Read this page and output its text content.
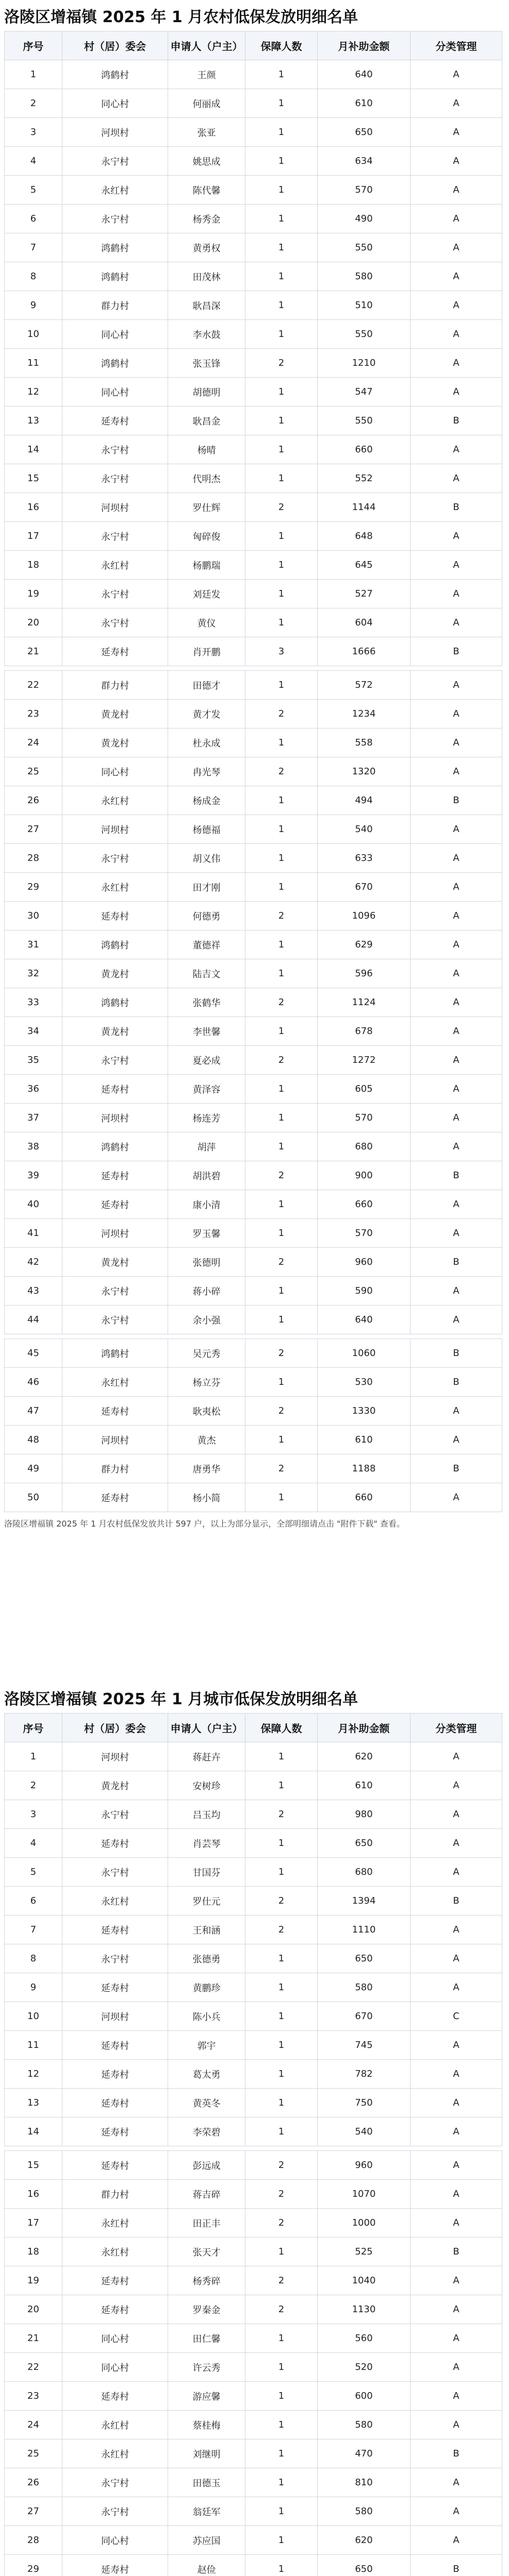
洛陵区增福镇 2025 年 1 月农村低保发放明细名单
序号	村（居）委会	申请人（户主）	保障人数	月补助金额	分类管理
1	鸿鹤村	王颜	1	640	A
2	同心村	何丽成	1	610	A
3	河坝村	张亚	1	650	A
4	永宁村	姚思成	1	634	A
5	永红村	陈代馨	1	570	A
6	永宁村	杨秀金	1	490	A
7	鸿鹤村	黄勇权	1	550	A
8	鸿鹤村	田茂林	1	580	A
9	群力村	耿昌深	1	510	A
10	同心村	李水鼓	1	550	A
11	鸿鹤村	张玉锋	2	1210	A
12	同心村	胡德明	1	547	A
13	延寿村	耿昌金	1	550	B
14	永宁村	杨晴	1	660	A
15	永宁村	代明杰	1	552	A
16	河坝村	罗仕辉	2	1144	B
17	永宁村	匈碎俊	1	648	A
18	永红村	杨鹏瑞	1	645	A
19	永宁村	刘廷发	1	527	A
20	永宁村	黄仪	1	604	A
21	延寿村	肖开鹏	3	1666	B

22	群力村	田德才	1	572	A
23	黄龙村	黄才发	2	1234	A
24	黄龙村	杜永成	1	558	A
25	同心村	冉光琴	2	1320	A
26	永红村	杨成金	1	494	B
27	河坝村	杨德福	1	540	A
28	永宁村	胡义伟	1	633	A
29	永红村	田才刚	1	670	A
30	延寿村	何德勇	2	1096	A
31	鸿鹤村	董德祥	1	629	A
32	黄龙村	陆吉文	1	596	A
33	鸿鹤村	张鹤华	2	1124	A
34	黄龙村	李世馨	1	678	A
35	永宁村	夏必成	2	1272	A
36	延寿村	黄泽容	1	605	A
37	河坝村	杨连芳	1	570	A
38	鸿鹤村	胡萍	1	680	A
39	延寿村	胡洪碧	2	900	B
40	延寿村	康小清	1	660	A
41	河坝村	罗玉馨	1	570	A
42	黄龙村	张德明	2	960	B
43	永宁村	蒋小碎	1	590	A
44	永宁村	余小强	1	640	A

45	鸿鹤村	吴元秀	2	1060	B
46	永红村	杨立芬	1	530	B
47	延寿村	耿夷松	2	1330	A
48	河坝村	黄杰	1	610	A
49	群力村	唐勇华	2	1188	B
50	延寿村	杨小简	1	660	A
洛陵区增福镇 2025 年 1 月农村低保发放共计 597 户，以上为部分显示，全部明细请点击 "附件下载" 查看。
洛陵区增福镇 2025 年 1 月城市低保发放明细名单
序号	村（居）委会	申请人（户主）	保障人数	月补助金额	分类管理
1	河坝村	蒋赶卉	1	620	A
2	黄龙村	安树珍	1	610	A
3	永宁村	吕玉均	2	980	A
4	延寿村	肖芸琴	1	650	A
5	永宁村	甘国芬	1	680	A
6	永红村	罗仕元	2	1394	B
7	延寿村	王和涵	2	1110	A
8	永宁村	张德勇	1	650	A
9	延寿村	黄鹏珍	1	580	A
10	河坝村	陈小兵	1	670	C
11	延寿村	郭宇	1	745	A
12	延寿村	葛太勇	1	782	A
13	延寿村	黄英冬	1	750	A
14	延寿村	李荣碧	1	540	A

15	延寿村	彭远成	2	960	A
16	群力村	蒋吉碎	2	1070	A
17	永红村	田正丰	2	1000	A
18	永红村	张天才	1	525	B
19	延寿村	杨秀碎	2	1040	A
20	延寿村	罗秦金	2	1130	A
21	同心村	田仁馨	1	560	A
22	同心村	许云秀	1	520	A
23	延寿村	游应馨	1	600	A
24	永红村	蔡桂梅	1	580	A
25	永红村	刘继明	1	470	B
26	永宁村	田德玉	1	810	A
27	永宁村	翁廷军	1	580	A
28	同心村	苏应国	1	620	A
29	延寿村	赵俭	1	650	B
